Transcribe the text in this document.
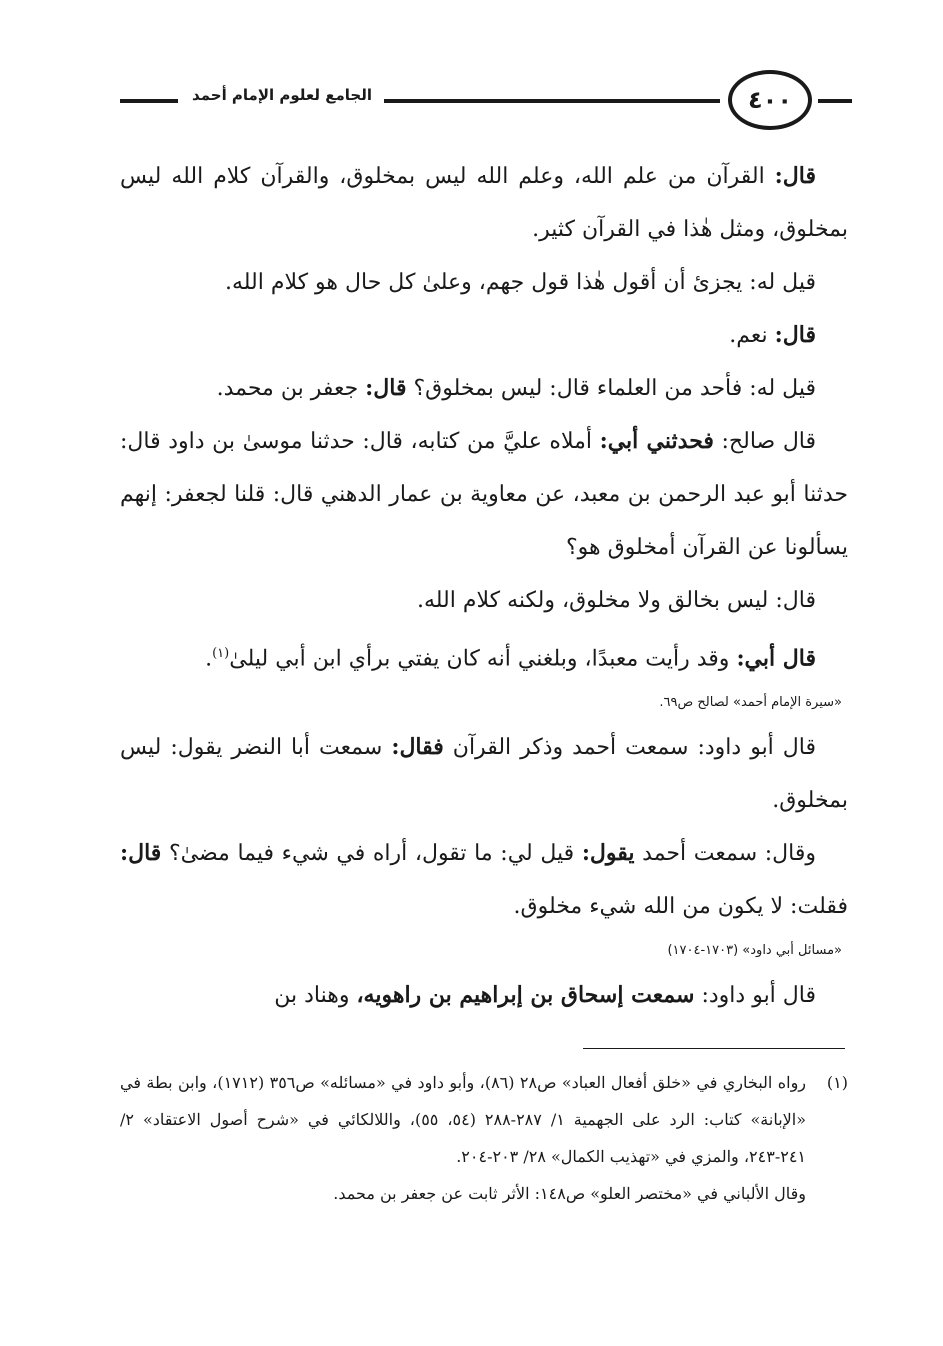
الجامع لعلوم الإمام أحمد	٤٠٠

قال: القرآن من علم الله، وعلم الله ليس بمخلوق، والقرآن كلام الله ليس بمخلوق، ومثل هٰذا في القرآن كثير.

قيل له: يجزئ أن أقول هٰذا قول جهم، وعلىٰ كل حال هو كلام الله.

قال: نعم.

قيل له: فأحد من العلماء قال: ليس بمخلوق؟ قال: جعفر بن محمد.

قال صالح: فحدثني أبي: أملاه عليَّ من كتابه، قال: حدثنا موسىٰ بن داود قال: حدثنا أبو عبد الرحمن بن معبد، عن معاوية بن عمار الدهني قال: قلنا لجعفر: إنهم يسألونا عن القرآن أمخلوق هو؟

قال: ليس بخالق ولا مخلوق، ولكنه كلام الله.

قال أبي: وقد رأيت معبدًا، وبلغني أنه كان يفتي برأي ابن أبي ليلىٰ$^{(١)}$.

«سيرة الإمام أحمد» لصالح ص٦٩.

قال أبو داود: سمعت أحمد وذكر القرآن فقال: سمعت أبا النضر يقول: ليس بمخلوق.

وقال: سمعت أحمد يقول: قيل لي: ما تقول، أراه في شيء فيما مضىٰ؟ قال: فقلت: لا يكون من الله شيء مخلوق.

«مسائل أبي داود» (١٧٠٣-١٧٠٤)

قال أبو داود: سمعت إسحاق بن إبراهيم بن راهويه، وهناد بن

(١)
رواه البخاري في «خلق أفعال العباد» ص٢٨ (٨٦)، وأبو داود في «مسائله» ص٣٥٦ (١٧١٢)، وابن بطة في «الإبانة» كتاب: الرد على الجهمية ١/ ٢٨٧-٢٨٨ (٥٤، ٥٥)، واللالكائي في «شرح أصول الاعتقاد» ٢/ ٢٤١-٢٤٣، والمزي في «تهذيب الكمال» ٢٨/ ٢٠٣-٢٠٤.

وقال الألباني في «مختصر العلو» ص١٤٨: الأثر ثابت عن جعفر بن محمد.
